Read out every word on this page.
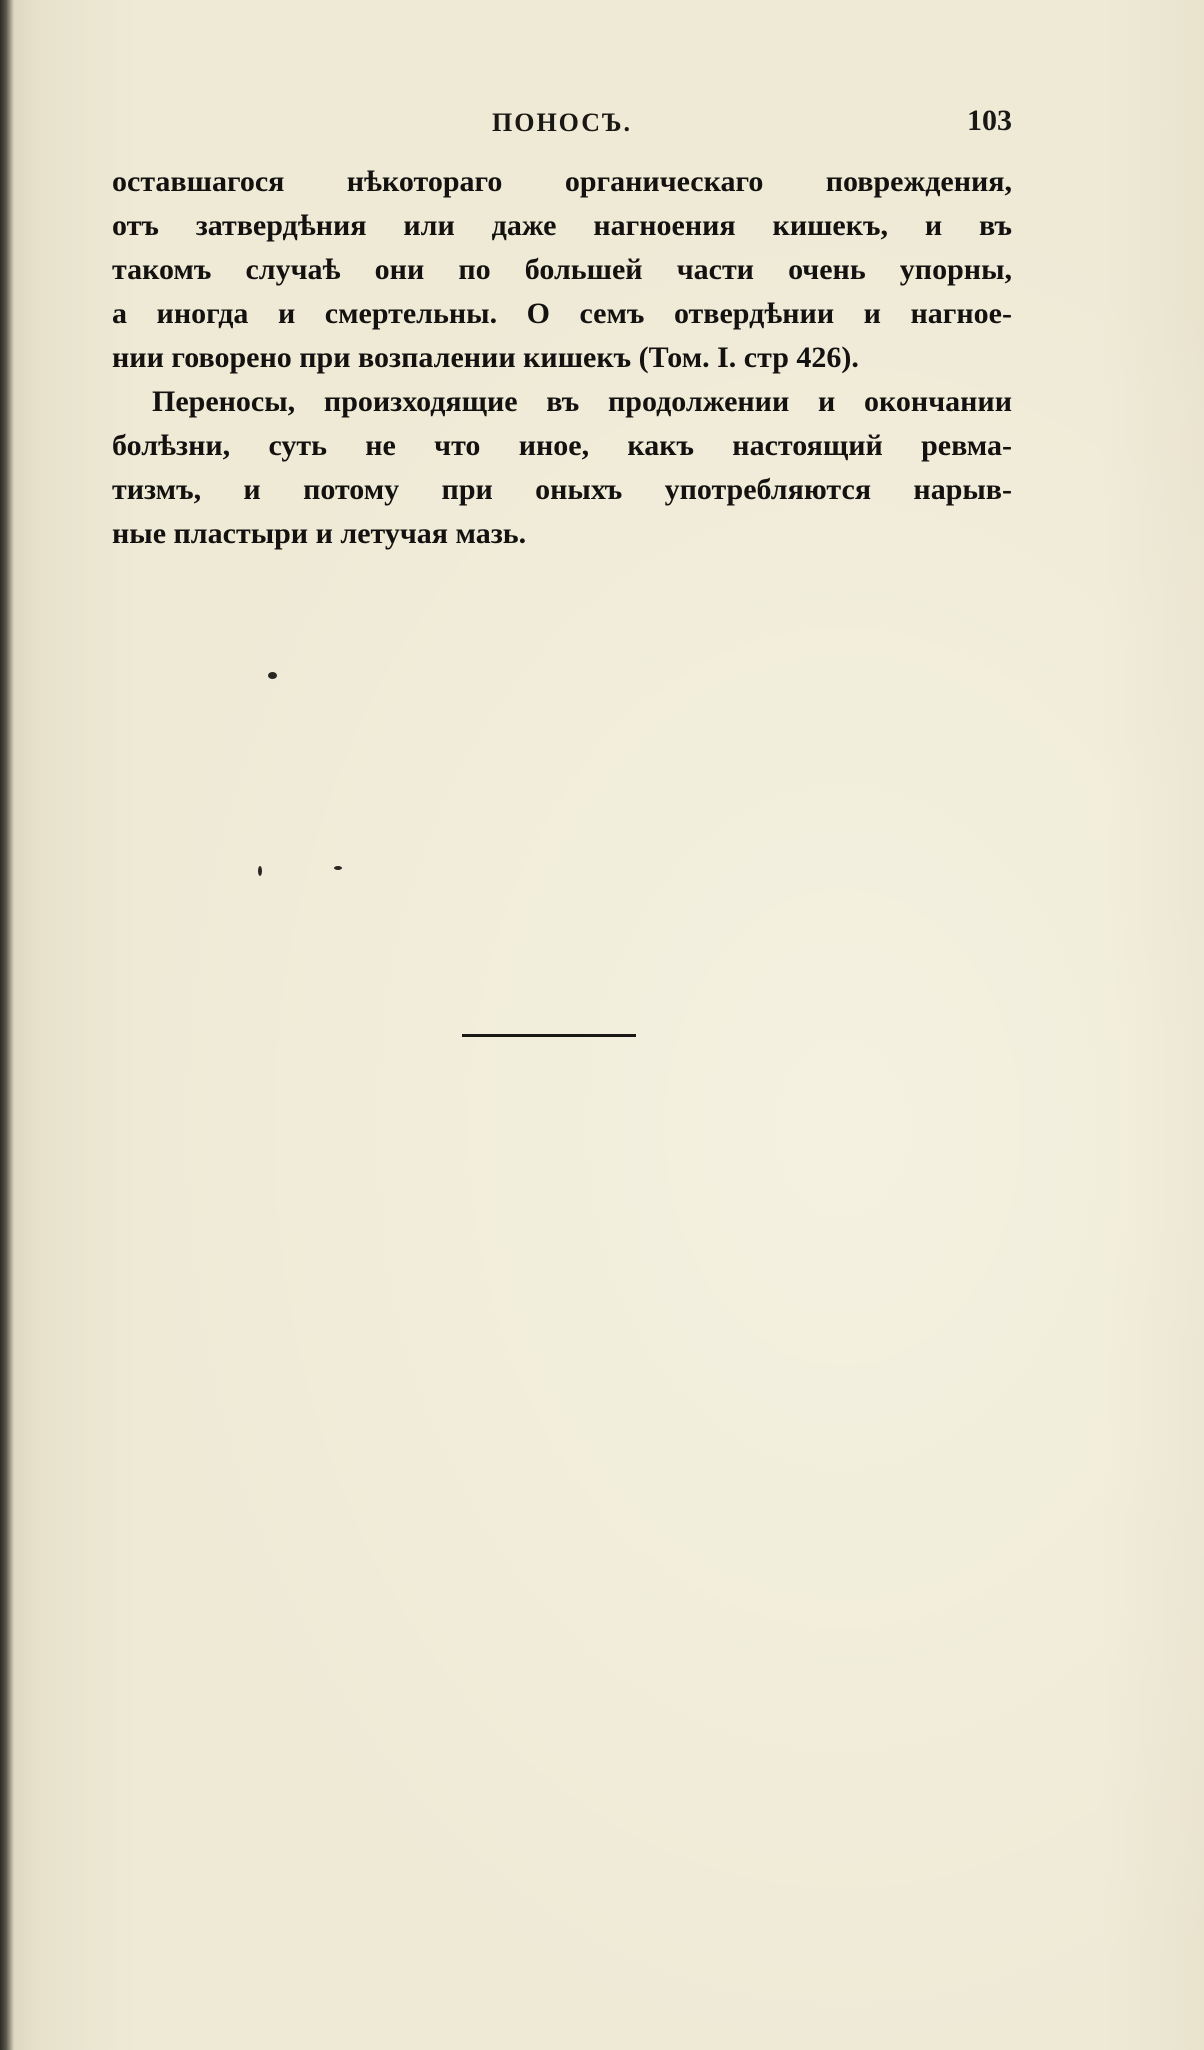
ПОНОСЪ.	103
оставшагося нѣкотораго органическаго повреждения,
отъ затвердѣния или даже нагноения кишекъ, и въ
такомъ случаѣ они по большей части очень упорны,
а иногда и смертельны. О семъ отвердѣнии и нагное-
нии говорено при возпалении кишекъ (Том. I. стр 426).
Переносы, произходящие въ продолжении и окончании
болѣзни, суть не что иное, какъ настоящий ревма-
тизмъ, и потому при оныхъ употребляются нарыв-
ные пластыри и летучая мазь.
